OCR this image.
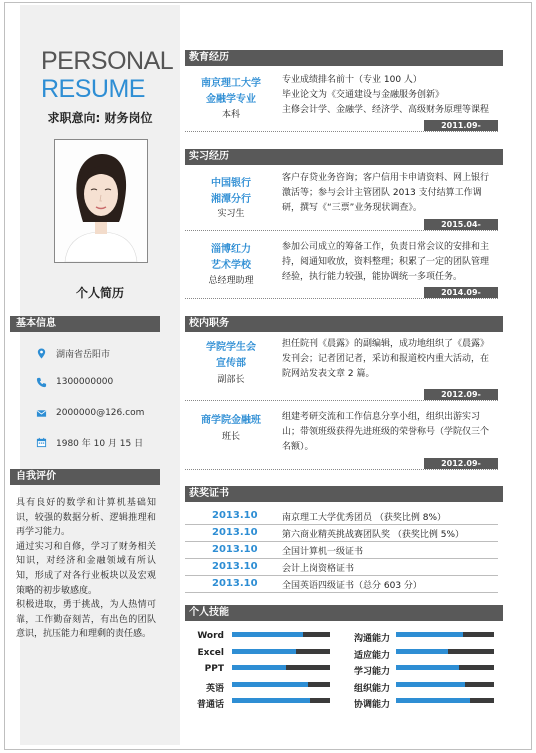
PERSONAL
RESUME
求职意向: 财务岗位
个人简历
基本信息
湖南省岳阳市
1300000000
2000000@126.com
1980 年 10 月 15 日
自我评价

具有良好的数学和计算机基础知识，较强的数据分析、逻辑推理和再学习能力。

通过实习和自修，学习了财务相关知识，对经济和金融领域有所认知，形成了对各行业板块以及宏观策略的初步敏感度。

积极进取，勇于挑战，为人热情可靠，工作勤奋刻苦，有出色的团队意识，抗压能力和理剩的责任感。

教育经历
南京理工大学
金融学专业
本科
专业成绩排名前十（专业 100 人）
毕业论文为《交通建设与金融服务创新》
主修会计学、金融学、经济学、高级财务原理等课程
2011.09-2015.06
实习经历
中国银行
湘潭分行
实习生
客户存贷业务咨询；客户信用卡申请资料、网上银行激活等；参与会计主管团队 2013 支付结算工作调研，撰写《“三票”业务现状调查》。
2015.04-2015.06
淄博红力
艺术学校
总经理助理
参加公司成立的筹备工作，负责日常会议的安排和主持，阅通知收放，资料整理；积累了一定的团队管理经验，执行能力较强，能协调统一多项任务。
2014.09-2014.10
校内职务
学院学生会
宣传部
副部长
担任院刊《晨露》的副编辑，成功地组织了《晨露》发刊会；记者团记者，采访和报道校内重大活动，在院网站发表文章 2 篇。
2012.09-2014.06
商学院金融班
班长
组建考研交流和工作信息分享小组，组织出游实习山；带领班级获得先进班级的荣誉称号（学院仅三个名额）。
2012.09-2013.06
获奖证书
2013.10	南京理工大学优秀团员 （获奖比例 8%）
2013.10	第六商业精英挑战赛团队奖 （获奖比例 5%）
2013.10	全国计算机一级证书
2013.10	会计上岗资格证书
2013.10	全国英语四级证书（总分 603 分）
个人技能
Word
Excel
PPT
英语
普通话
沟通能力
适应能力
学习能力
组织能力
协调能力
